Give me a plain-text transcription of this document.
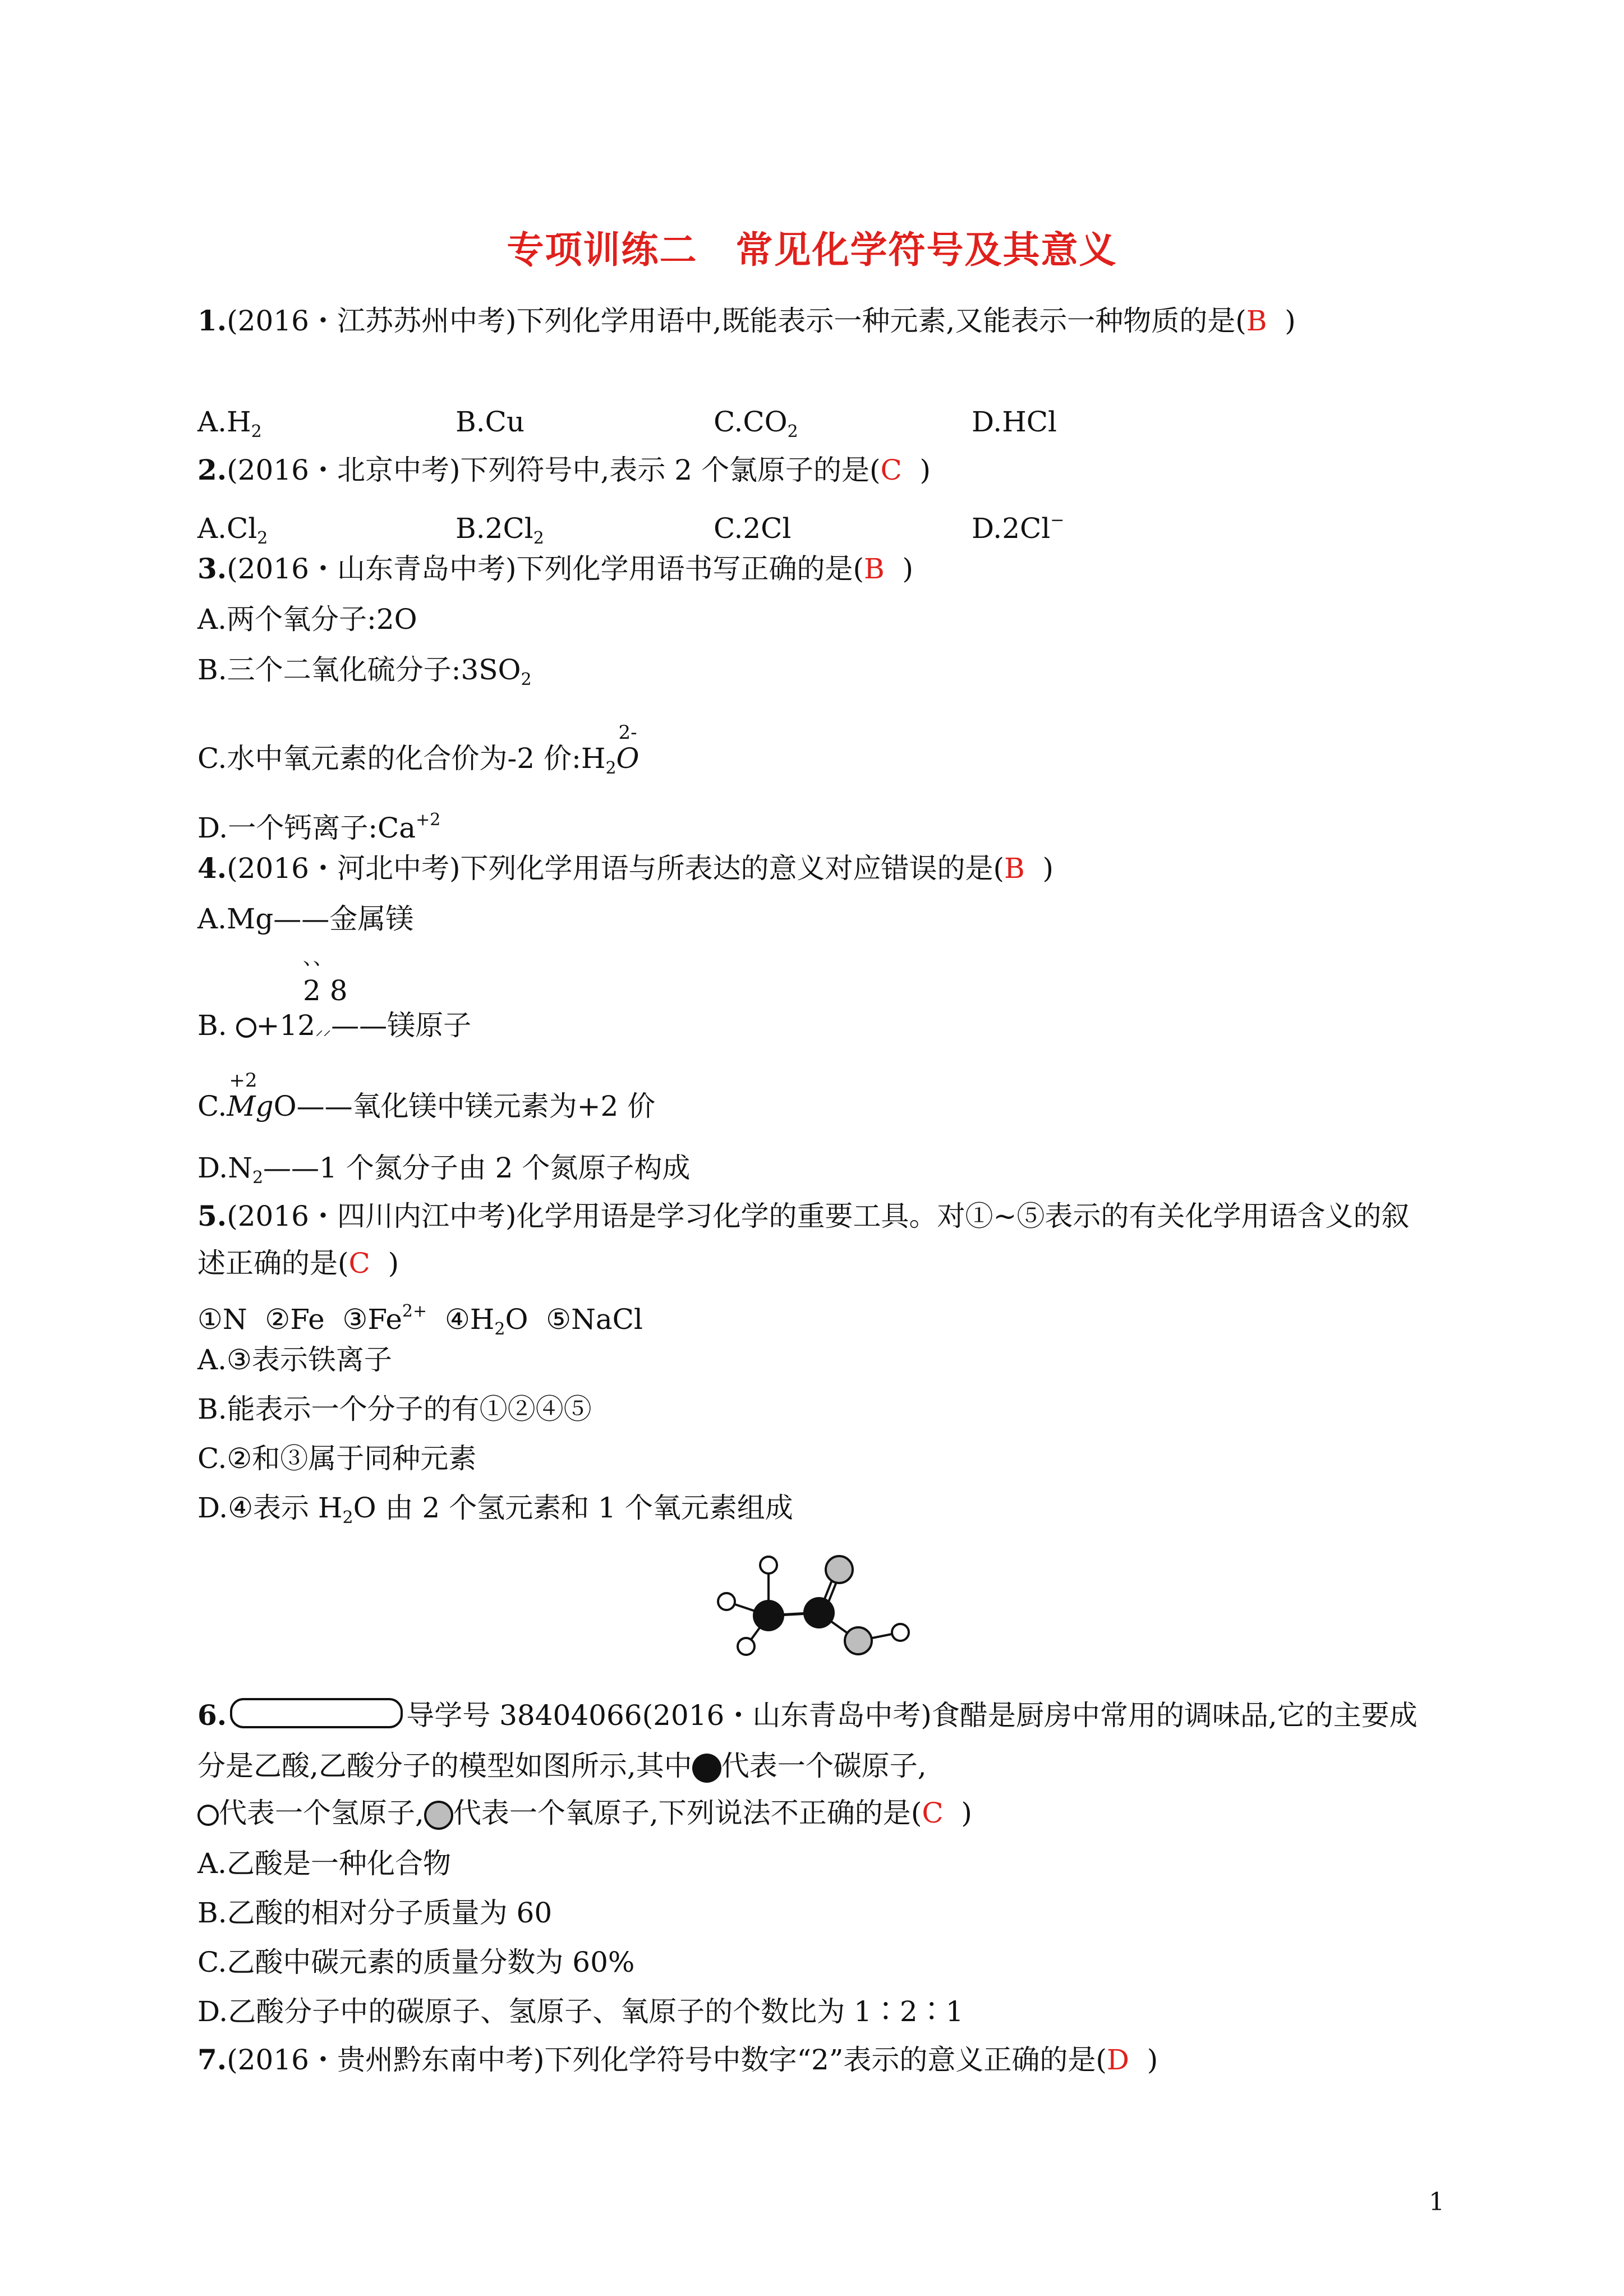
专项训练二　常见化学符号及其意义
1.(2016・江苏苏州中考)下列化学用语中,既能表示一种元素,又能表示一种物质的是(B  )
$A.H_2$	B.Cu	$C.CO_2$	D.HCl
2.(2016・北京中考)下列符号中,表示 2 个氯原子的是(C  )
$A.Cl_2$	$B.2Cl_2$	C.2Cl	D.2Cl−
3.(2016・山东青岛中考)下列化学用语书写正确的是(B  )
A.两个氧分子:2O
B.三个二氧化硫分子$:3SO_2$
C.水中氧元素的化合价为-2 价$:H_2$
2-
O
D.一个钙离子$:Ca^{+2}$
4.(2016・河北中考)下列化学用语与所表达的意义对应错误的是(B  )
A.Mg——金属镁
、、
2 8
B. +12⸝⸝——镁原子
C.
+2
MgO——氧化镁中镁元素为+2 价
$D.N_2——1$ 个氮分子由 2 个氮原子构成
5.(2016・四川内江中考)化学用语是学习化学的重要工具。对①~⑤表示的有关化学用语含义的叙
述正确的是(C  )
①N ②Fe $③Fe^{2+}$ $④H_2O$ ⑤NaCl
A.③表示铁离子
B.能表示一个分子的有①②④⑤
C.②和③属于同种元素
D.④表示 $H_2O$ 由 2 个氢元素和 1 个氧元素组成
6.	导学号 38404066(2016・山东青岛中考)食醋是厨房中常用的调味品,它的主要成
分是乙酸,乙酸分子的模型如图所示,其中 代表一个碳原子,
代表一个氢原子, 代表一个氧原子,下列说法不正确的是(C  )
A.乙酸是一种化合物
B.乙酸的相对分子质量为 60
C.乙酸中碳元素的质量分数为 60%
D.乙酸分子中的碳原子、氢原子、氧原子的个数比为 1∶2∶1
7.(2016・贵州黔东南中考)下列化学符号中数字“2”表示的意义正确的是(D  )
1
